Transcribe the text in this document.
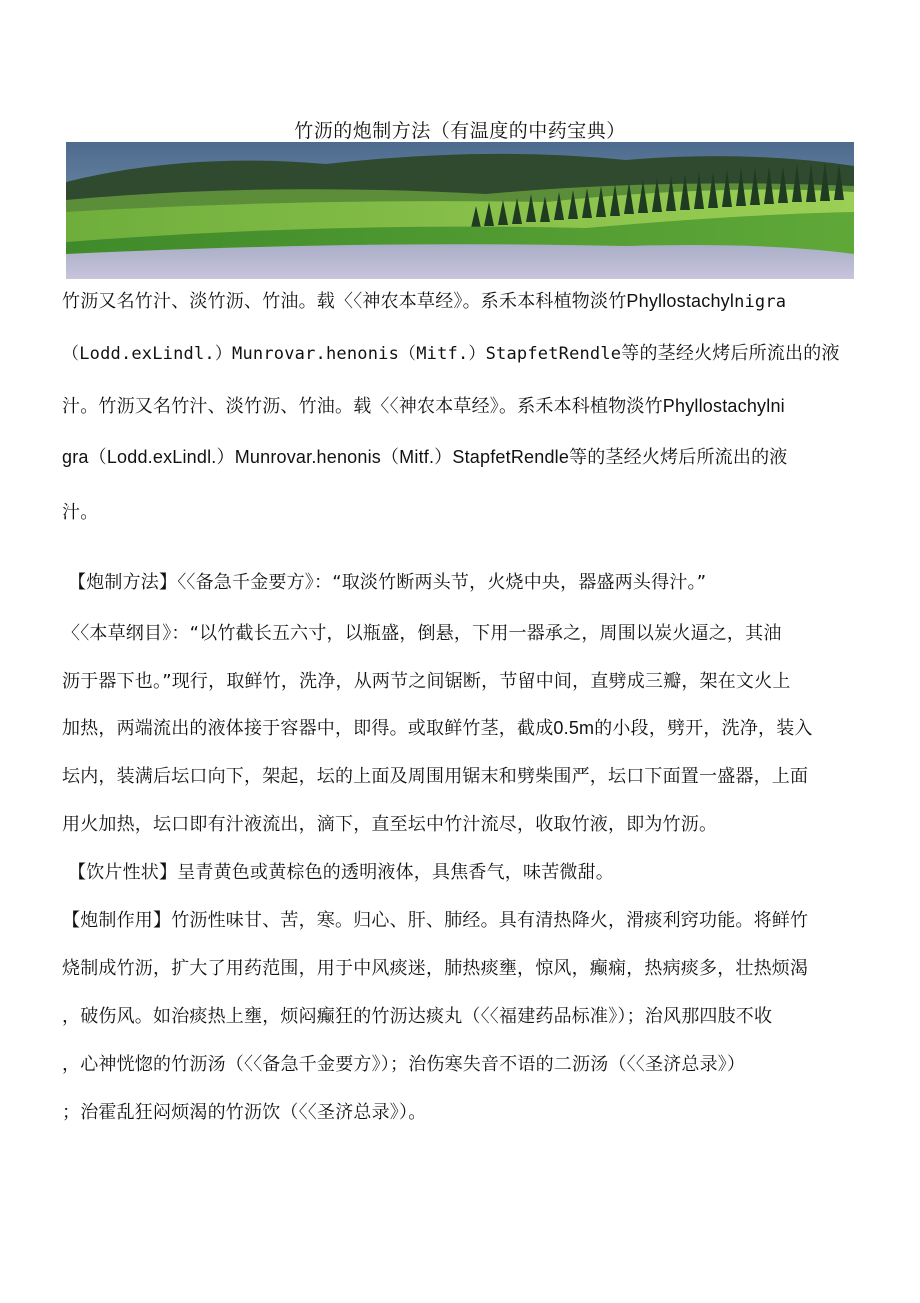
竹沥的炮制方法（有温度的中药宝典）
竹沥又名竹汁、淡竹沥、竹油。载〈〈神农本草经》。系禾本科植物淡竹Phyllostachylnigra
（Lodd.exLindl.）Munrovar.henonis（Mitf.）StapfetRendle等的茎经火烤后所流出的液
汁。竹沥又名竹汁、淡竹沥、竹油。载〈〈神农本草经》。系禾本科植物淡竹Phyllostachylni
gra（Lodd.exLindl.）Munrovar.henonis（Mitf.）StapfetRendle等的茎经火烤后所流出的液
汁。
【炮制方法】〈〈备急千金要方》：“取淡竹断两头节，火烧中央，器盛两头得汁。”
〈〈本草纲目》：“以竹截长五六寸，以瓶盛，倒悬，下用一器承之，周围以炭火逼之，其油
沥于器下也。”现行，取鲜竹，洗净，从两节之间锯断，节留中间，直劈成三瓣，架在文火上
加热，两端流出的液体接于容器中，即得。或取鲜竹茎，截成0.5m的小段，劈开，洗净，装入
坛内，装满后坛口向下，架起，坛的上面及周围用锯末和劈柴围严，坛口下面置一盛器，上面
用火加热，坛口即有汁液流出，滴下，直至坛中竹汁流尽，收取竹液，即为竹沥。
【饮片性状】呈青黄色或黄棕色的透明液体，具焦香气，味苦微甜。
【炮制作用】竹沥性味甘、苦，寒。归心、肝、肺经。具有清热降火，滑痰利窍功能。将鲜竹
烧制成竹沥，扩大了用药范围，用于中风痰迷，肺热痰壅，惊风，癫痫，热病痰多，壮热烦渴
，破伤风。如治痰热上壅，烦闷癫狂的竹沥达痰丸（〈〈福建药品标准》）；治风那四肢不收
，心神恍惚的竹沥汤（〈〈备急千金要方》）；治伤寒失音不语的二沥汤（〈〈圣济总录》）
；治霍乱狂闷烦渴的竹沥饮（〈〈圣济总录》）。
